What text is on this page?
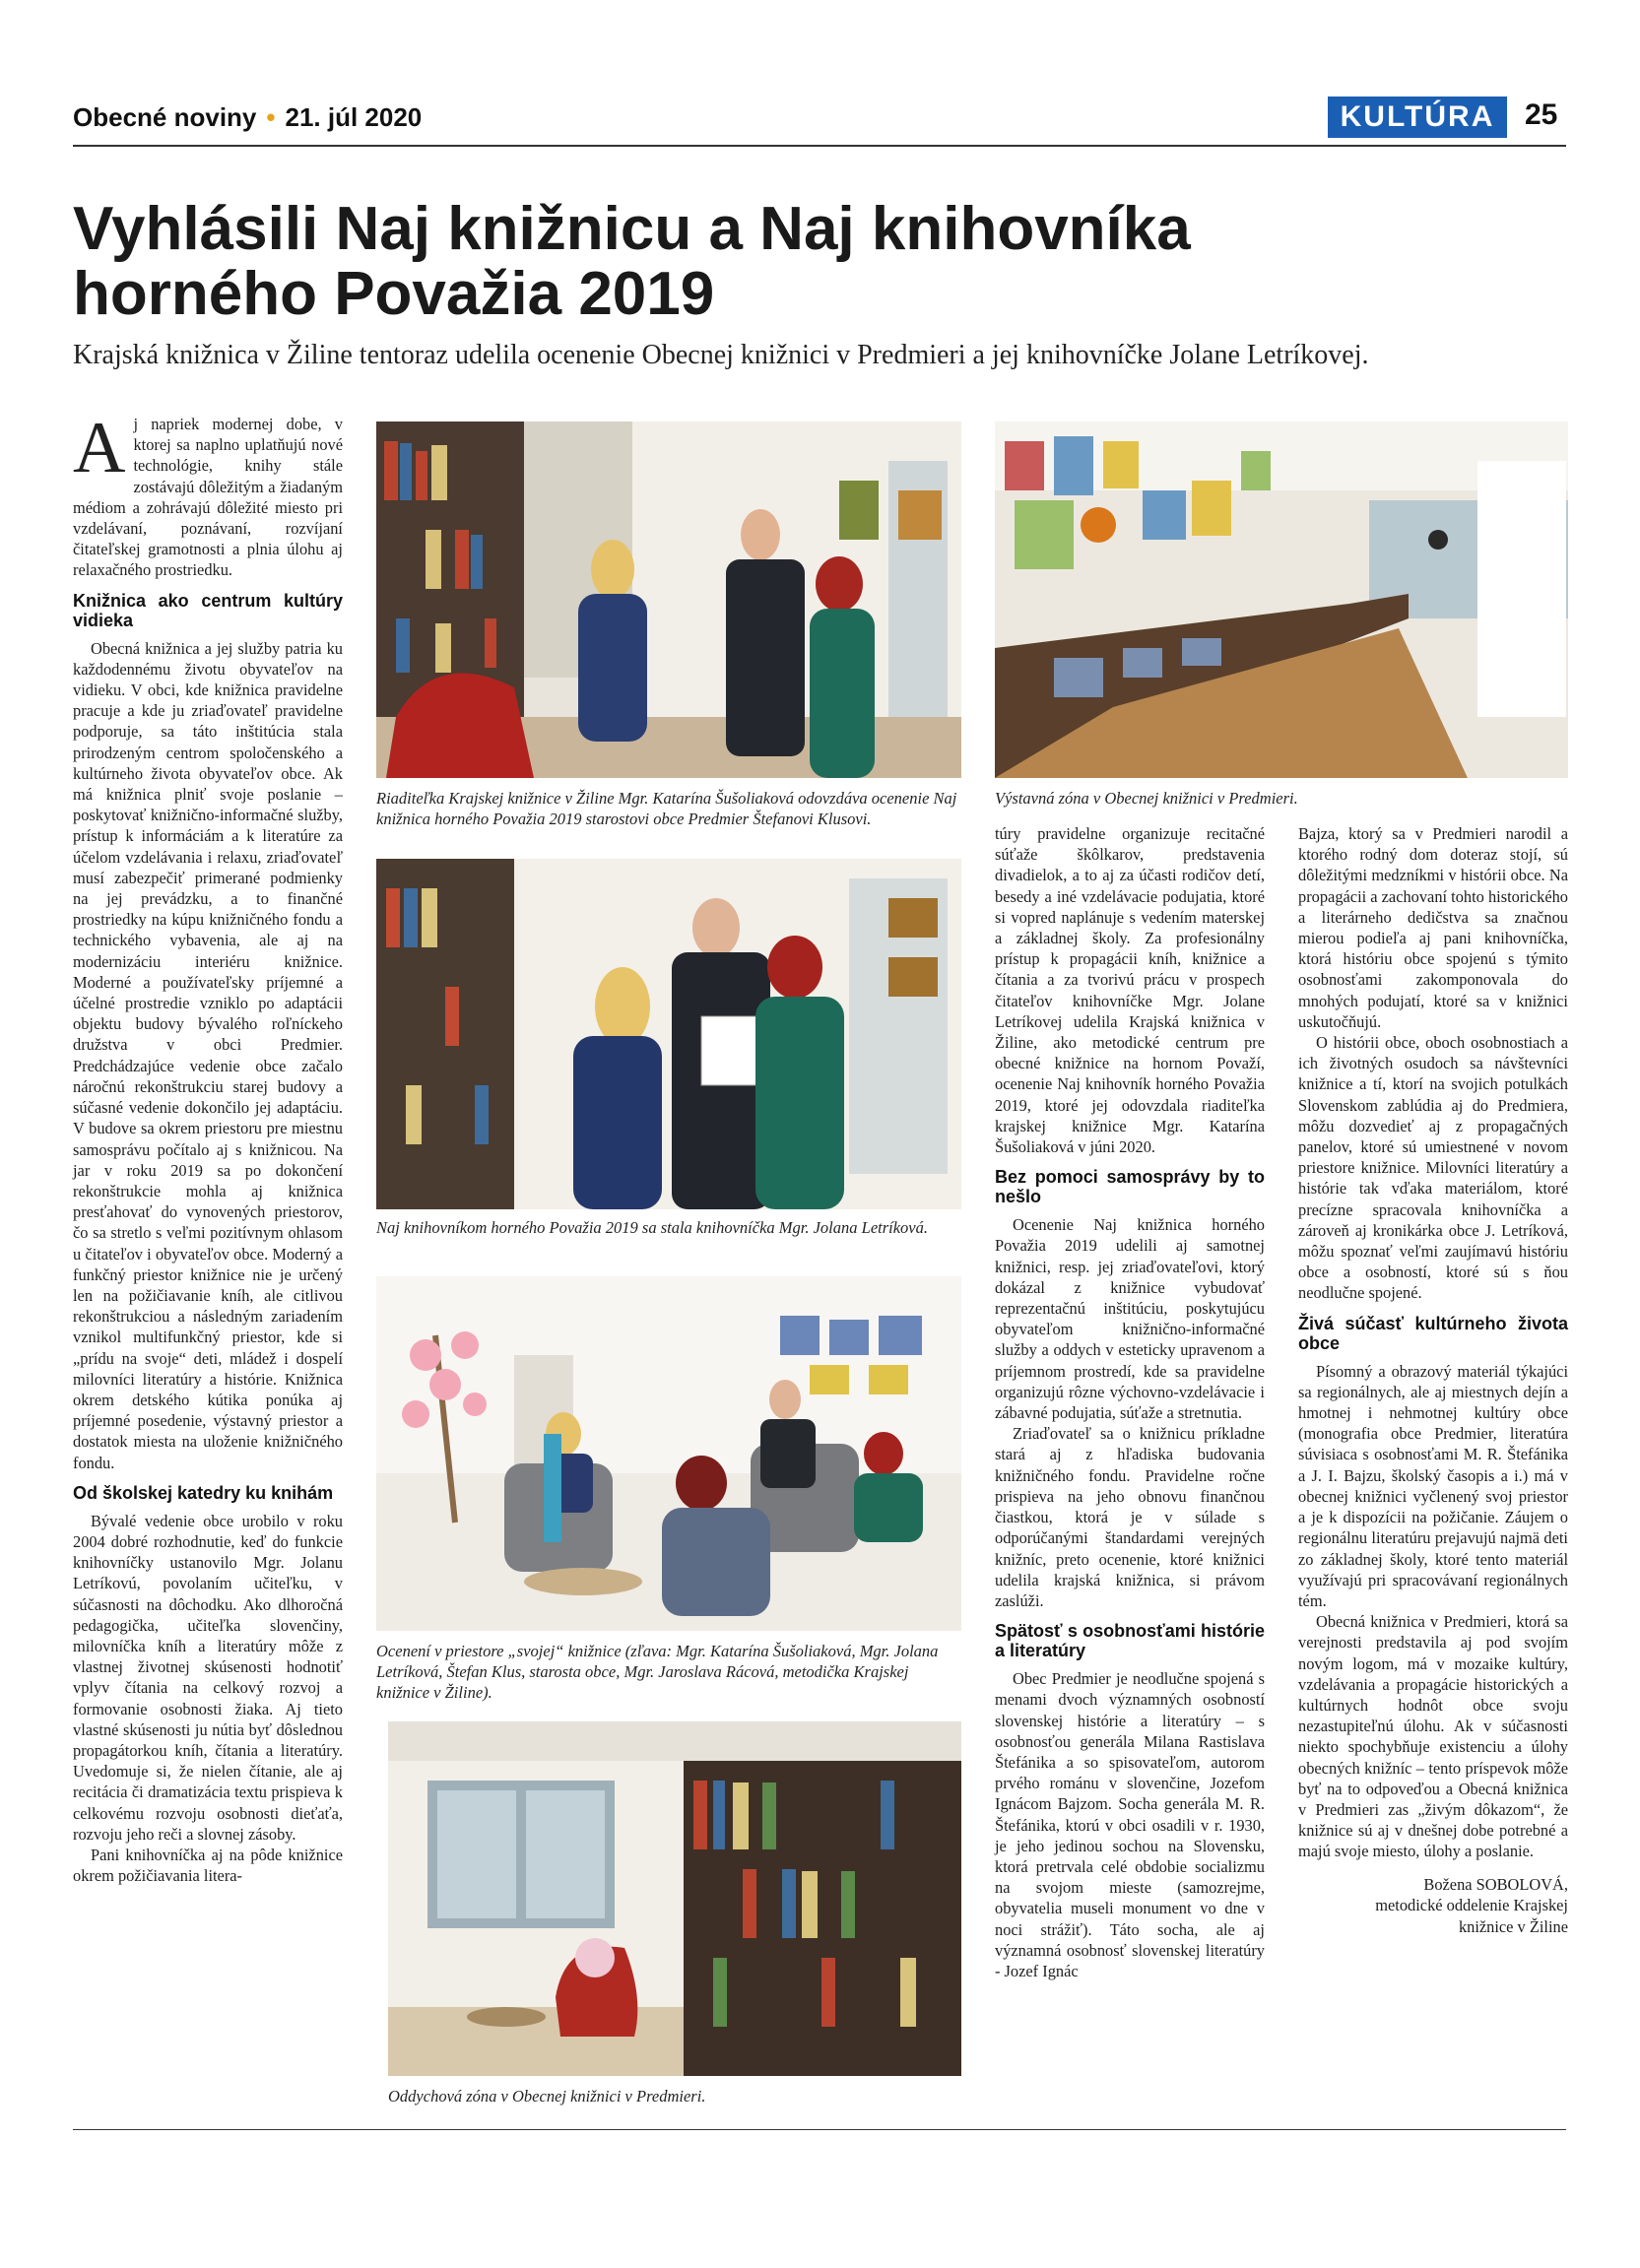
Obecné noviny • 21. júl 2020	KULTÚRA	25
Vyhlásili Naj knižnicu a Naj knihovníka
horného Považia 2019
Krajská knižnica v Žiline tentoraz udelila ocenenie Obecnej knižnici v Predmieri a jej knihovníčke Jolane Letríkovej.

Aj napriek modernej dobe, v ktorej sa naplno uplatňujú nové technológie, knihy stále zostávajú dôležitým a žiadaným médiom a zohrávajú dôležité miesto pri vzdelávaní, poznávaní, rozvíjaní čitateľskej gramotnosti a plnia úlohu aj relaxačného prostriedku.

Knižnica ako centrum kultúry vidieka

Obecná knižnica a jej služby patria ku každodennému životu obyvateľov na vidieku. V obci, kde knižnica pravidelne pracuje a kde ju zriaďovateľ pravidelne podporuje, sa táto inštitúcia stala prirodzeným centrom spoločenského a kultúrneho života obyvateľov obce. Ak má knižnica plniť svoje poslanie – poskytovať knižnično-informačné služby, prístup k informáciám a k literatúre za účelom vzdelávania i relaxu, zriaďovateľ musí zabezpečiť primerané podmienky na jej prevádzku, a to finančné prostriedky na kúpu knižničného fondu a technického vybavenia, ale aj na modernizáciu interiéru knižnice. Moderné a používateľsky príjemné a účelné prostredie vzniklo po adaptácii objektu budovy bývalého roľníckeho družstva v obci Predmier. Predchádzajúce vedenie obce začalo náročnú rekonštrukciu starej budovy a súčasné vedenie dokončilo jej adaptáciu. V budove sa okrem priestoru pre miestnu samosprávu počítalo aj s knižnicou. Na jar v roku 2019 sa po dokončení rekonštrukcie mohla aj knižnica presťahovať do vynovených priestorov, čo sa stretlo s veľmi pozitívnym ohlasom u čitateľov i obyvateľov obce. Moderný a funkčný priestor knižnice nie je určený len na požičiavanie kníh, ale citlivou rekonštrukciou a následným zariadením vznikol multifunkčný priestor, kde si „prídu na svoje“ deti, mládež i dospelí milovníci literatúry a histórie. Knižnica okrem detského kútika ponúka aj príjemné posedenie, výstavný priestor a dostatok miesta na uloženie knižničného fondu.

Od školskej katedry ku knihám

Bývalé vedenie obce urobilo v roku 2004 dobré rozhodnutie, keď do funkcie knihovníčky ustanovilo Mgr. Jolanu Letríkovú, povolaním učiteľku, v súčasnosti na dôchodku. Ako dlhoročná pedagogička, učiteľka slovenčiny, milovníčka kníh a literatúry môže z vlastnej životnej skúsenosti hodnotiť vplyv čítania na celkový rozvoj a formovanie osobnosti žiaka. Aj tieto vlastné skúsenosti ju nútia byť dôslednou propagátorkou kníh, čítania a literatúry. Uvedomuje si, že nielen čítanie, ale aj recitácia či dramatizácia textu prispieva k celkovému rozvoju osobnosti dieťaťa, rozvoju jeho reči a slovnej zásoby.

Pani knihovníčka aj na pôde knižnice okrem požičiavania litera-

Riaditeľka Krajskej knižnice v Žiline Mgr. Katarína Šušoliaková odovzdáva ocenenie Naj knižnica horného Považia 2019 starostovi obce Predmier Štefanovi Klusovi.
Výstavná zóna v Obecnej knižnici v Predmieri.
Naj knihovníkom horného Považia 2019 sa stala knihovníčka Mgr. Jolana Letríková.

túry pravidelne organizuje recitačné súťaže škôlkarov, predstavenia divadielok, a to aj za účasti rodičov detí, besedy a iné vzdelávacie podujatia, ktoré si vopred naplánuje s vedením materskej a základnej školy. Za profesionálny prístup k propagácii kníh, knižnice a čítania a za tvorivú prácu v prospech čitateľov knihovníčke Mgr. Jolane Letríkovej udelila Krajská knižnica v Žiline, ako metodické centrum pre obecné knižnice na hornom Považí, ocenenie Naj knihovník horného Považia 2019, ktoré jej odovzdala riaditeľka krajskej knižnice Mgr. Katarína Šušoliaková v júni 2020.

Bez pomoci samosprávy by to nešlo

Ocenenie Naj knižnica horného Považia 2019 udelili aj samotnej knižnici, resp. jej zriaďovateľovi, ktorý dokázal z knižnice vybudovať reprezentačnú inštitúciu, poskytujúcu obyvateľom knižnično-informačné služby a oddych v esteticky upravenom a príjemnom prostredí, kde sa pravidelne organizujú rôzne výchovno-vzdelávacie i zábavné podujatia, súťaže a stretnutia.

Zriaďovateľ sa o knižnicu príkladne stará aj z hľadiska budovania knižničného fondu. Pravidelne ročne prispieva na jeho obnovu finančnou čiastkou, ktorá je v súlade s odporúčanými štandardami verejných knižníc, preto ocenenie, ktoré knižnici udelila krajská knižnica, si právom zaslúži.

Spätosť s osobnosťami histórie a literatúry

Obec Predmier je neodlučne spojená s menami dvoch významných osobností slovenskej histórie a literatúry – s osobnosťou generála Milana Rastislava Štefánika a so spisovateľom, autorom prvého románu v slovenčine, Jozefom Ignácom Bajzom. Socha generála M. R. Štefánika, ktorú v obci osadili v r. 1930, je jeho jedinou sochou na Slovensku, ktorá pretrvala celé obdobie socializmu na svojom mieste (samozrejme, obyvatelia museli monument vo dne v noci strážiť). Táto socha, ale aj významná osobnosť slovenskej literatúry - Jozef Ignác

Bajza, ktorý sa v Predmieri narodil a ktorého rodný dom doteraz stojí, sú dôležitými medzníkmi v histórii obce. Na propagácii a zachovaní tohto historického a literárneho dedičstva sa značnou mierou podieľa aj pani knihovníčka, ktorá históriu obce spojenú s týmito osobnosťami zakomponovala do mnohých podujatí, ktoré sa v knižnici uskutočňujú.

O histórii obce, oboch osobnostiach a ich životných osudoch sa návštevníci knižnice a tí, ktorí na svojich potulkách Slovenskom zablúdia aj do Predmiera, môžu dozvedieť aj z propagačných panelov, ktoré sú umiestnené v novom priestore knižnice. Milovníci literatúry a histórie tak vďaka materiálom, ktoré precízne spracovala knihovníčka a zároveň aj kronikárka obce J. Letríková, môžu spoznať veľmi zaujímavú históriu obce a osobností, ktoré sú s ňou neodlučne spojené.

Živá súčasť kultúrneho života obce

Písomný a obrazový materiál týkajúci sa regionálnych, ale aj miestnych dejín a hmotnej i nehmotnej kultúry obce (monografia obce Predmier, literatúra súvisiaca s osobnosťami M. R. Štefánika a J. I. Bajzu, školský časopis a i.) má v obecnej knižnici vyčlenený svoj priestor a je k dispozícii na požičanie. Záujem o regionálnu literatúru prejavujú najmä deti zo základnej školy, ktoré tento materiál využívajú pri spracovávaní regionálnych tém.

Obecná knižnica v Predmieri, ktorá sa verejnosti predstavila aj pod svojím novým logom, má v mozaike kultúry, vzdelávania a propagácie historických a kultúrnych hodnôt obce svoju nezastupiteľnú úlohu. Ak v súčasnosti niekto spochybňuje existenciu a úlohy obecných knižníc – tento príspevok môže byť na to odpoveďou a Obecná knižnica v Predmieri zas „živým dôkazom“, že knižnice sú aj v dnešnej dobe potrebné a majú svoje miesto, úlohy a poslanie.

Božena SOBOLOVÁ,
metodické oddelenie Krajskej
knižnice v Žiline
Ocenení v priestore „svojej“ knižnice (zľava: Mgr. Katarína Šušoliaková, Mgr. Jolana Letríková, Štefan Klus, starosta obce, Mgr. Jaroslava Rácová, metodička Krajskej knižnice v Žiline).
Oddychová zóna v Obecnej knižnici v Predmieri.
